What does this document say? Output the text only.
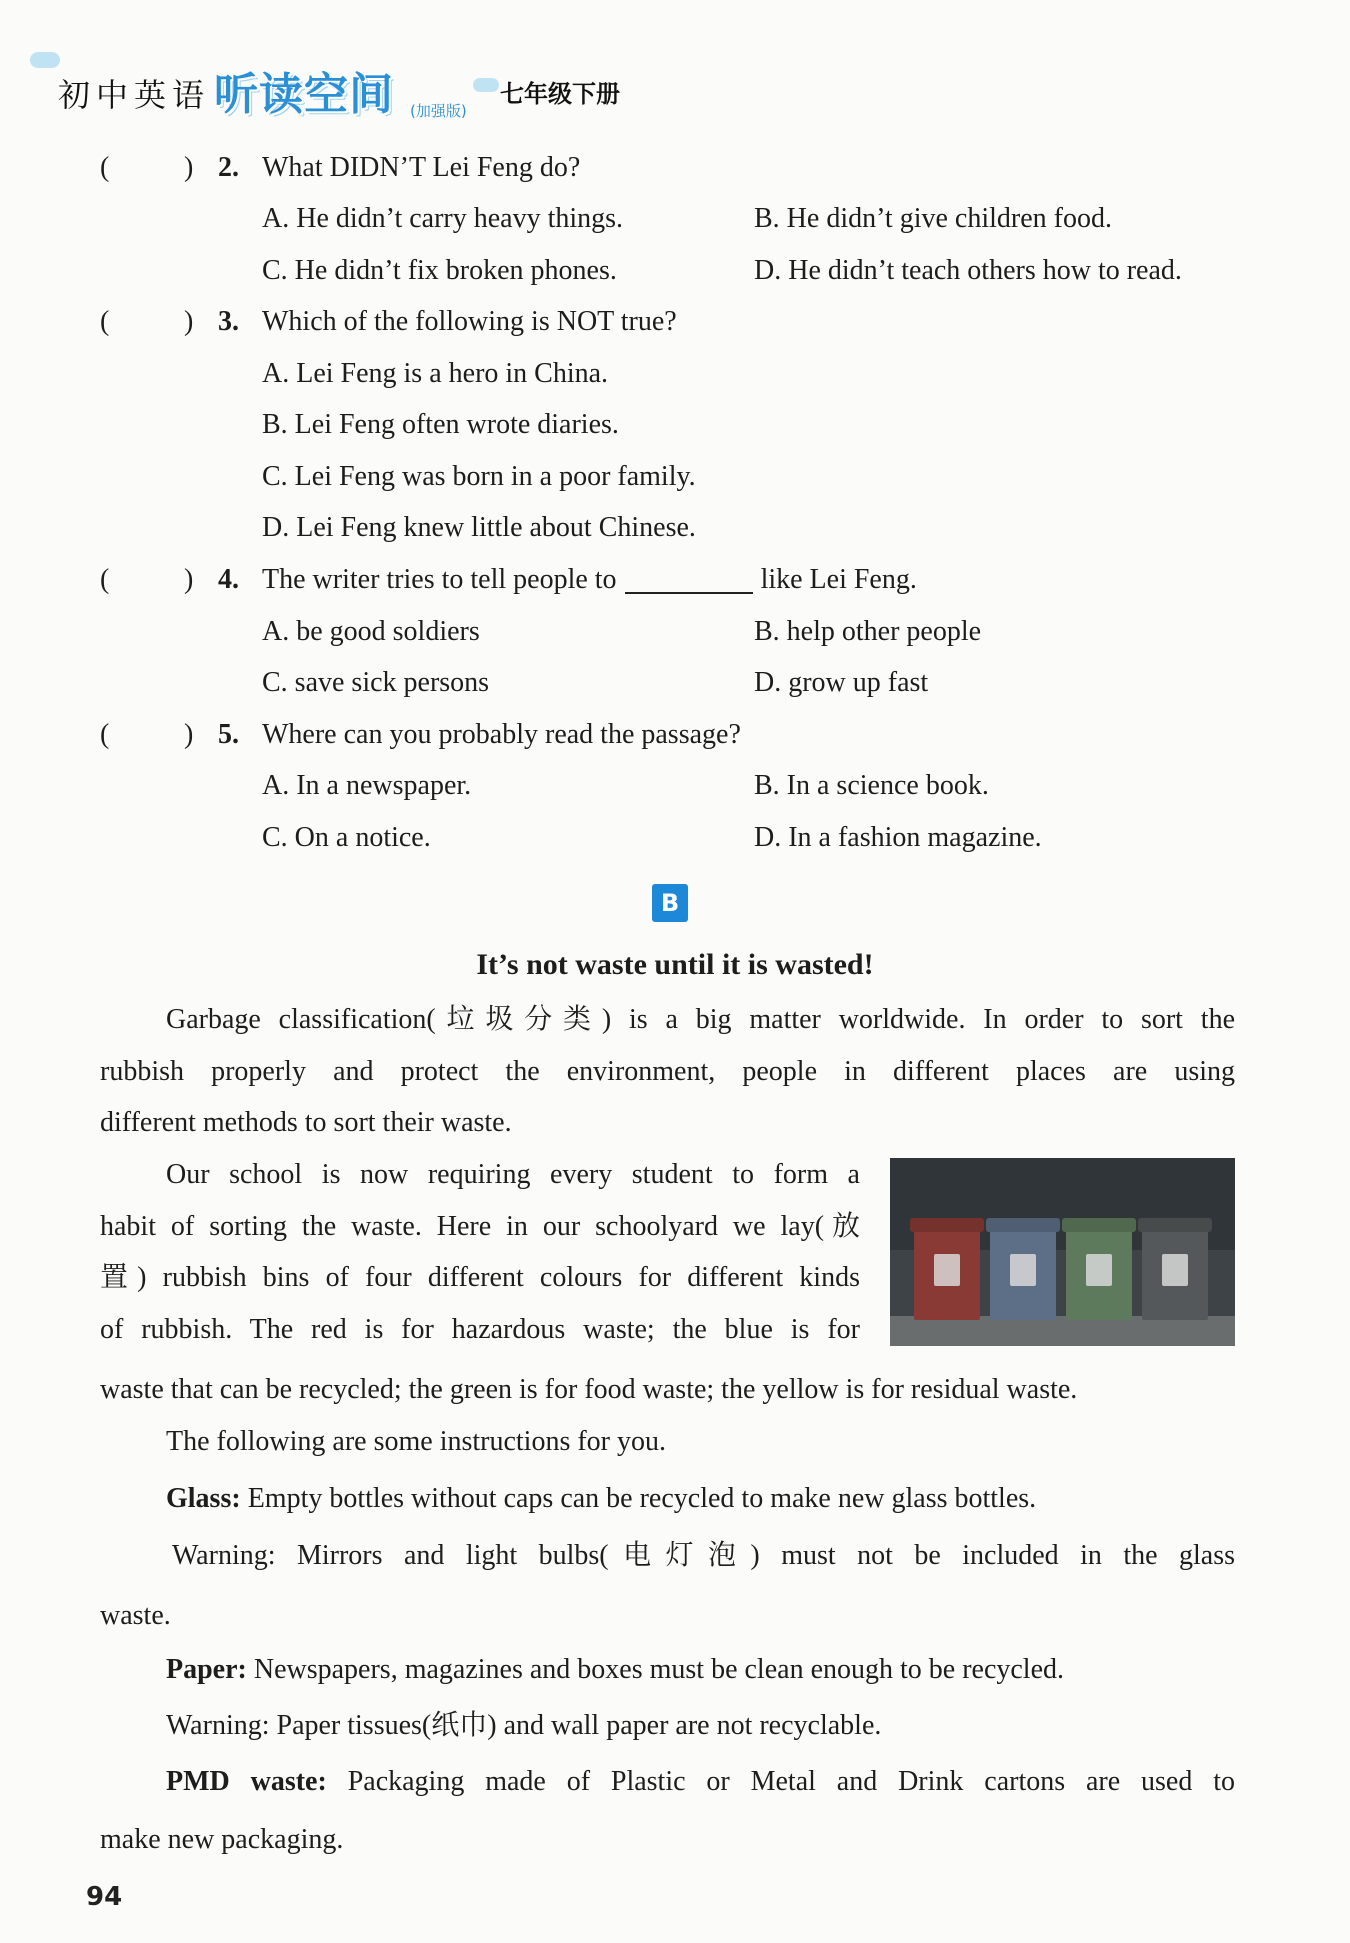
初中英语 听读空间 (加强版)
七年级下册
(	) 2. What DIDN’T Lei Feng do?
A. He didn’t carry heavy things.	B. He didn’t give children food.
C. He didn’t fix broken phones.	D. He didn’t teach others how to read.
(	) 3. Which of the following is NOT true?
A. Lei Feng is a hero in China.
B. Lei Feng often wrote diaries.
C. Lei Feng was born in a poor family.
D. Lei Feng knew little about Chinese.
(	) 4. The writer tries to tell people to	like Lei Feng.
A. be good soldiers	B. help other people
C. save sick persons	D. grow up fast
(	) 5. Where can you probably read the passage?
A. In a newspaper.	B. In a science book.
C. On a notice.	D. In a fashion magazine.
B
It’s not waste until it is wasted!
Garbage classification(垃圾分类) is a big matter worldwide. In order to sort the
rubbish properly and protect the environment, people in different places are using
different methods to sort their waste.
Our school is now requiring every student to form a
habit of sorting the waste. Here in our schoolyard we lay(放
置) rubbish bins of four different colours for different kinds
of rubbish. The red is for hazardous waste; the blue is for
waste that can be recycled; the green is for food waste; the yellow is for residual waste.
The following are some instructions for you.
Glass: Empty bottles without caps can be recycled to make new glass bottles.
Warning: Mirrors and light bulbs(电灯泡) must not be included in the glass
waste.
Paper: Newspapers, magazines and boxes must be clean enough to be recycled.
Warning: Paper tissues(纸巾) and wall paper are not recyclable.
PMD waste: Packaging made of Plastic or Metal and Drink cartons are used to
make new packaging.
94
